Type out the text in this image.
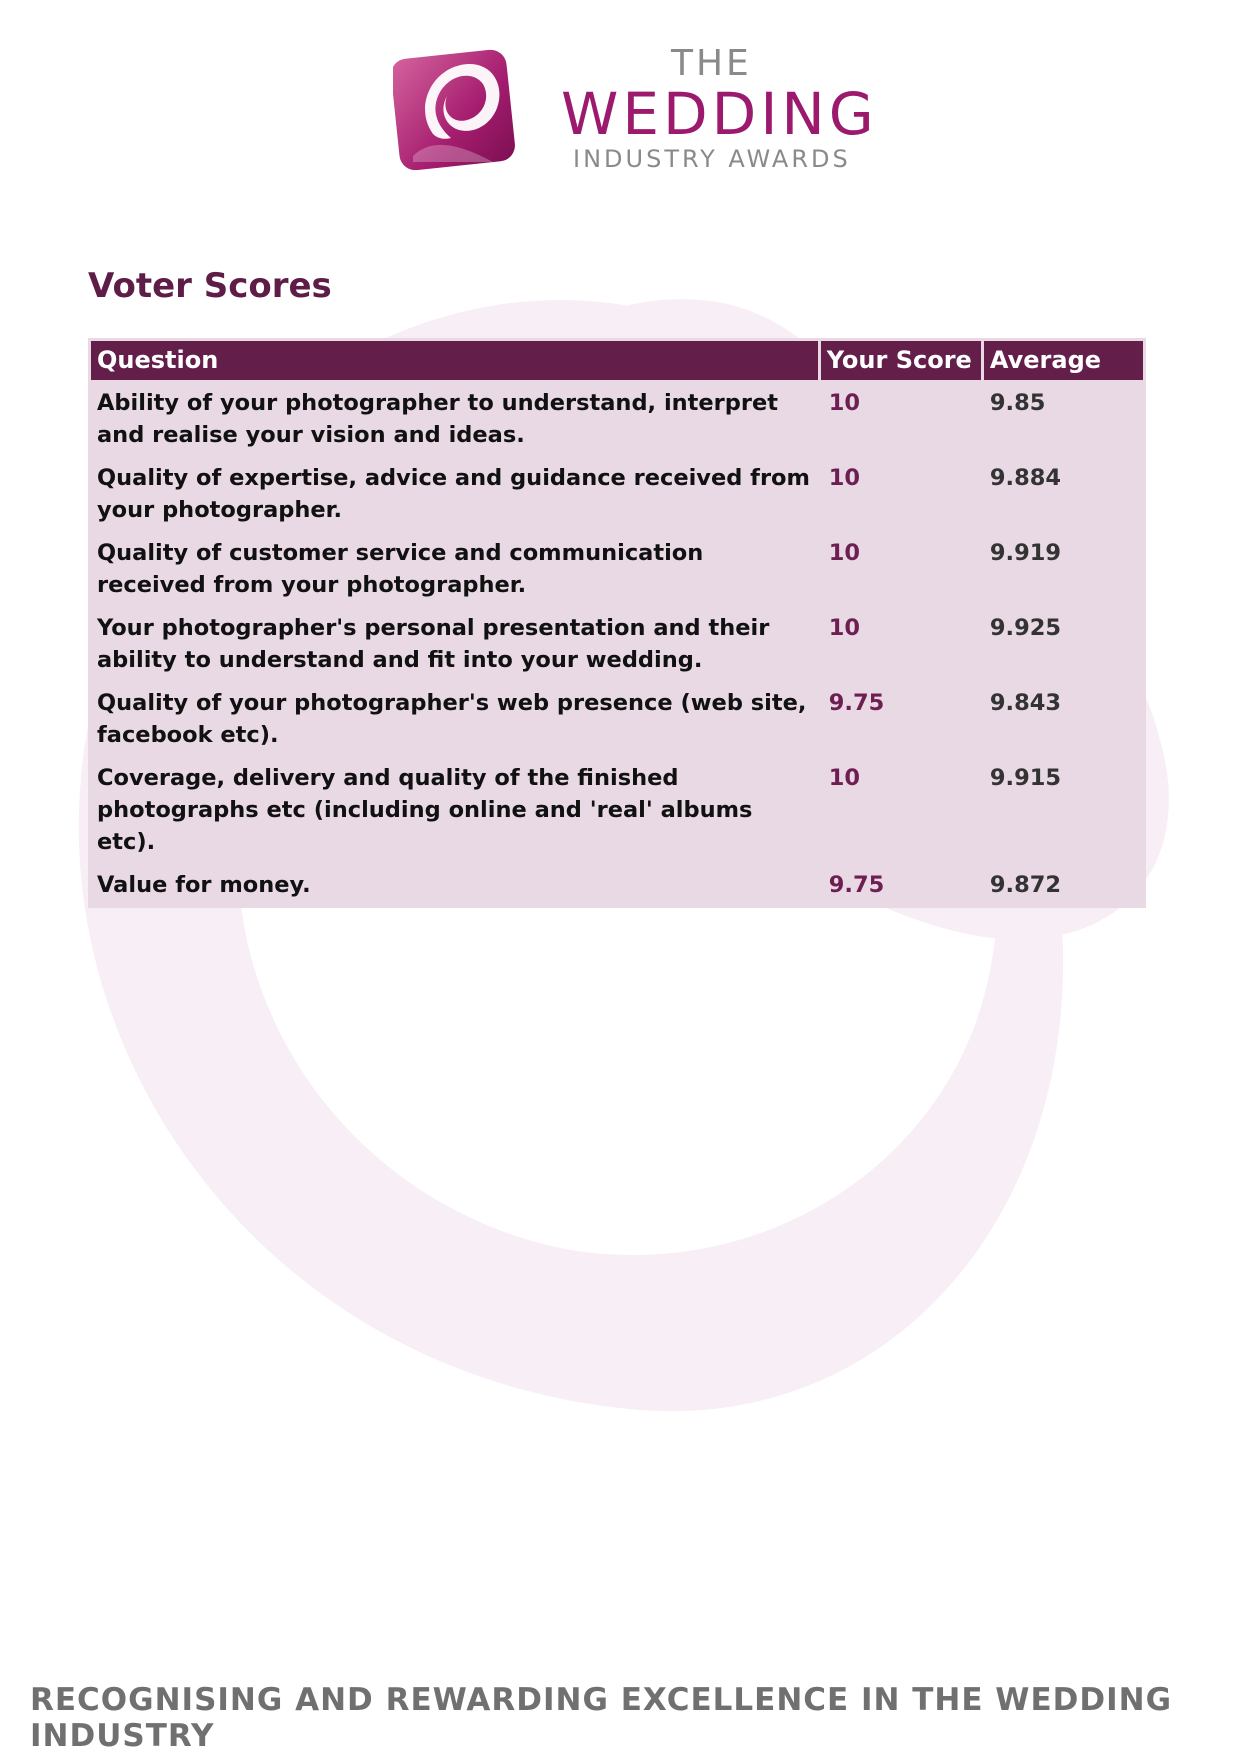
THE
WEDDING
INDUSTRY AWARDS
Voter Scores
Question	Your Score	Average
Ability of your photographer to understand, interpret and realise your vision and ideas.	10	9.85
Quality of expertise, advice and guidance received from your photographer.	10	9.884
Quality of customer service and communication received from your photographer.	10	9.919
Your photographer's personal presentation and their ability to understand and fit into your wedding.	10	9.925
Quality of your photographer's web presence (web site, facebook etc).	9.75	9.843
Coverage, delivery and quality of the finished photographs etc (including online and 'real' albums etc).	10	9.915
Value for money.	9.75	9.872
RECOGNISING AND REWARDING EXCELLENCE IN THE WEDDING INDUSTRY
